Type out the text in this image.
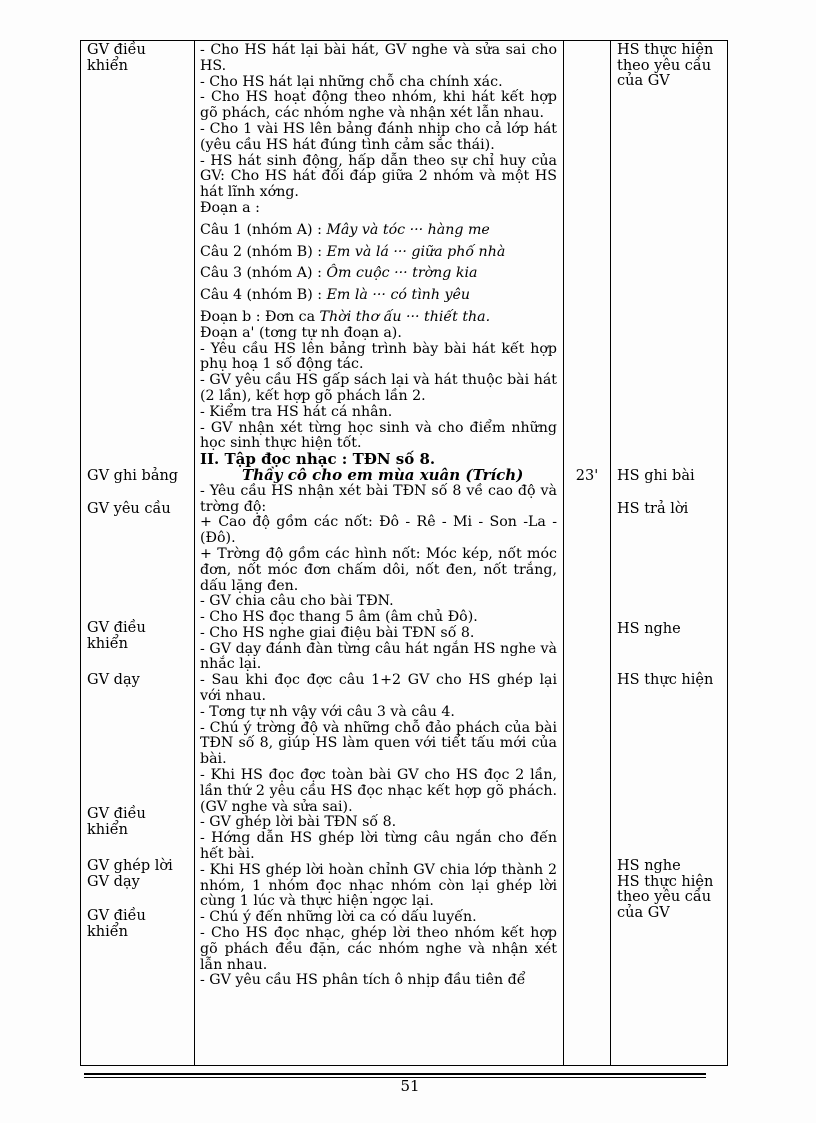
GV điều
khiển
GV ghi bảng
GV yêu cầu
GV điều
khiển
GV dạy
GV điều
khiển
GV ghép lời
GV dạy
GV điều
khiển
- Cho HS hát lại bài hát, GV nghe và sửa sai cho HS.
- Cho HS hát lại những chỗ cha chính xác.
- Cho HS hoạt động theo nhóm, khi hát kết hợp gõ phách, các nhóm nghe và nhận xét lẫn nhau.
- Cho 1 vài HS lên bảng đánh nhịp cho cả lớp hát (yêu cầu HS hát đúng tình cảm sắc thái).
- HS hát sinh động, hấp dẫn theo sự chỉ huy của GV: Cho HS hát đối đáp giữa 2 nhóm và một HS hát lĩnh xớng.
Đoạn a :
Câu 1 (nhóm A) : Mây và tóc ··· hàng me
Câu 2 (nhóm B) : Em và lá ··· giữa phố nhà
Câu 3 (nhóm A) : Ôm cuộc ··· trờng kia
Câu 4 (nhóm B) : Em là ··· có tình yêu
Đoạn b : Đơn ca Thời thơ ấu ··· thiết tha.
Đoạn a' (tơng tự nh đoạn a).
- Yêu cầu HS lên bảng trình bày bài hát kết hợp phụ hoạ 1 số động tác.
- GV yêu cầu HS gấp sách lại và hát thuộc bài hát (2 lần), kết hợp gõ phách lần 2.
- Kiểm tra HS hát cá nhân.
- GV nhận xét từng học sinh và cho điểm những học sinh thực hiện tốt.
II. Tập đọc nhạc : TĐN số 8.
Thầy cô cho em mùa xuân (Trích)
- Yêu cầu HS nhận xét bài TĐN số 8 về cao độ và trờng độ:
+ Cao độ gồm các nốt: Đô - Rê - Mi - Son -La - (Đô).
+ Trờng độ gồm các hình nốt: Móc kép, nốt móc đơn, nốt móc đơn chấm dôi, nốt đen, nốt trắng, dấu lặng đen.
- GV chia câu cho bài TĐN.
- Cho HS đọc thang 5 âm (âm chủ Đô).
- Cho HS nghe giai điệu bài TĐN số 8.
- GV dạy đánh đàn từng câu hát ngắn HS nghe và nhắc lại.
- Sau khi đọc đợc câu 1+2 GV cho HS ghép lại với nhau.
- Tơng tự nh vậy với câu 3 và câu 4.
- Chú ý trờng độ và những chỗ đảo phách của bài TĐN số 8, giúp HS làm quen với tiết tấu mới của bài.
- Khi HS đọc đợc toàn bài GV cho HS đọc 2 lần, lần thứ 2 yêu cầu HS đọc nhạc kết hợp gõ phách. (GV nghe và sửa sai).
- GV ghép lời bài TĐN số 8.
- Hớng dẫn HS ghép lời từng câu ngắn cho đến hết bài.
- Khi HS ghép lời hoàn chỉnh GV chia lớp thành 2 nhóm, 1 nhóm đọc nhạc nhóm còn lại ghép lời cùng 1 lúc và thực hiện ngợc lại.
- Chú ý đến những lời ca có dấu luyến.
- Cho HS đọc nhạc, ghép lời theo nhóm kết hợp gõ phách đều đặn, các nhóm nghe và nhận xét lẫn nhau.
- GV yêu cầu HS phân tích ô nhịp đầu tiên để
23'
HS thực hiện
theo yêu cầu
của GV
HS ghi bài
HS trả lời
HS nghe
HS thực hiện
HS nghe
HS thực hiện
theo yêu cầu
của GV
51
